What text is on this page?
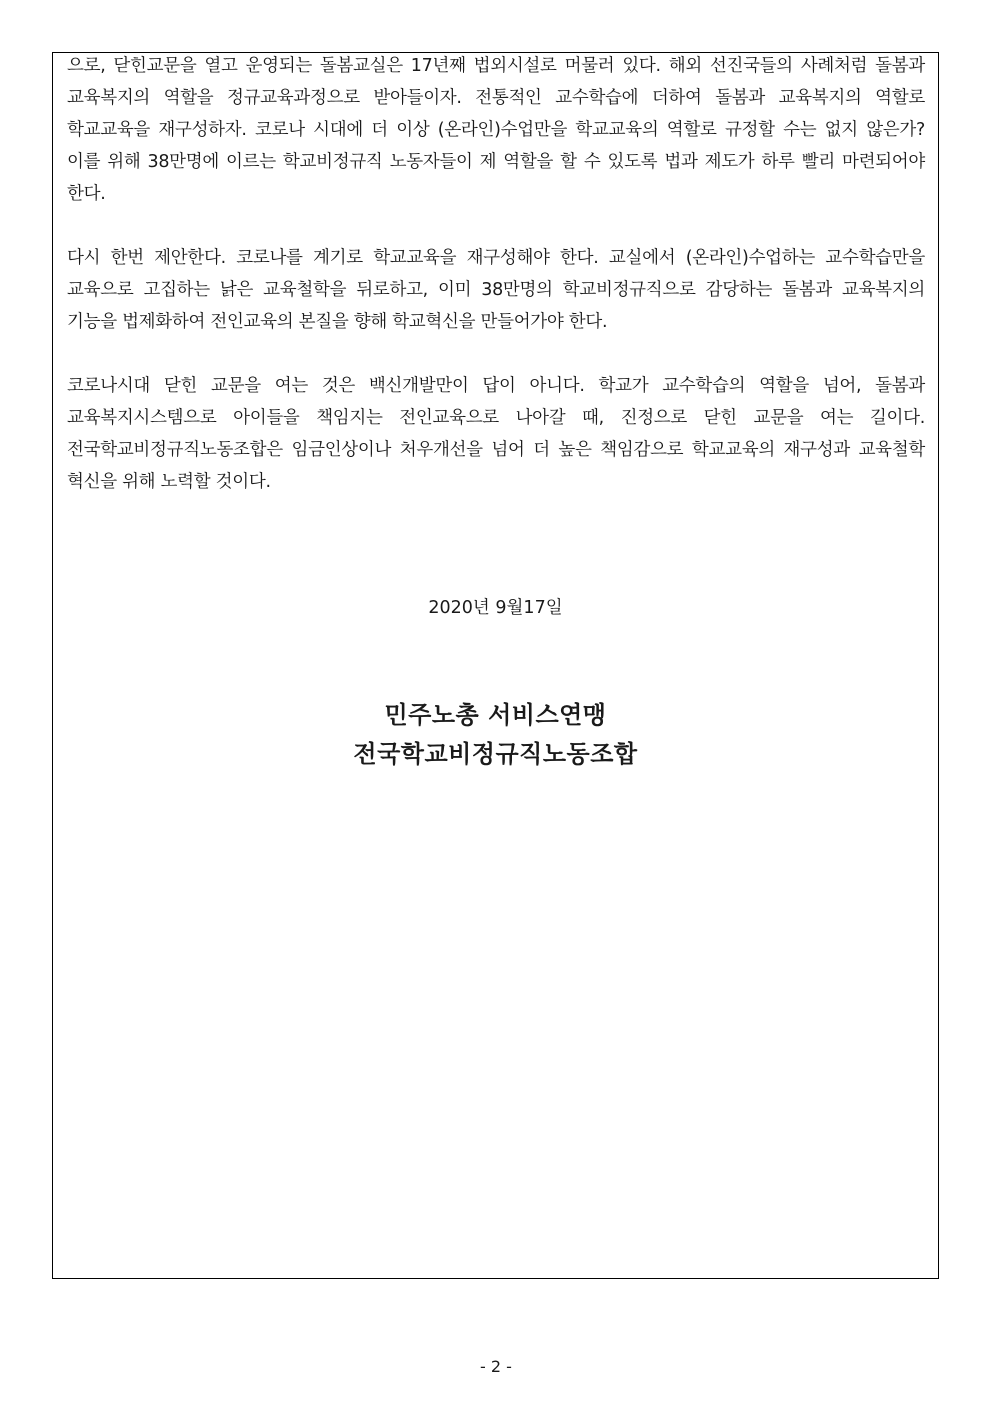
으로, 닫힌교문을 열고 운영되는 돌봄교실은 17년째 법외시설로 머물러 있다. 해외 선진국들의 사례처럼 돌봄과 교육복지의 역할을 정규교육과정으로 받아들이자. 전통적인 교수학습에 더하여 돌봄과 교육복지의 역할로 학교교육을 재구성하자. 코로나 시대에 더 이상 (온라인)수업만을 학교교육의 역할로 규정할 수는 없지 않은가? 이를 위해 38만명에 이르는 학교비정규직 노동자들이 제 역할을 할 수 있도록 법과 제도가 하루 빨리 마련되어야 한다.

다시 한번 제안한다. 코로나를 계기로 학교교육을 재구성해야 한다. 교실에서 (온라인)수업하는 교수학습만을 교육으로 고집하는 낡은 교육철학을 뒤로하고, 이미 38만명의 학교비정규직으로 감당하는 돌봄과 교육복지의 기능을 법제화하여 전인교육의 본질을 향해 학교혁신을 만들어가야 한다.

코로나시대 닫힌 교문을 여는 것은 백신개발만이 답이 아니다. 학교가 교수학습의 역할을 넘어, 돌봄과 교육복지시스템으로 아이들을 책임지는 전인교육으로 나아갈 때, 진정으로 닫힌 교문을 여는 길이다. 전국학교비정규직노동조합은 임금인상이나 처우개선을 넘어 더 높은 책임감으로 학교교육의 재구성과 교육철학 혁신을 위해 노력할 것이다.

2020년 9월17일
민주노총 서비스연맹
전국학교비정규직노동조합
- 2 -
